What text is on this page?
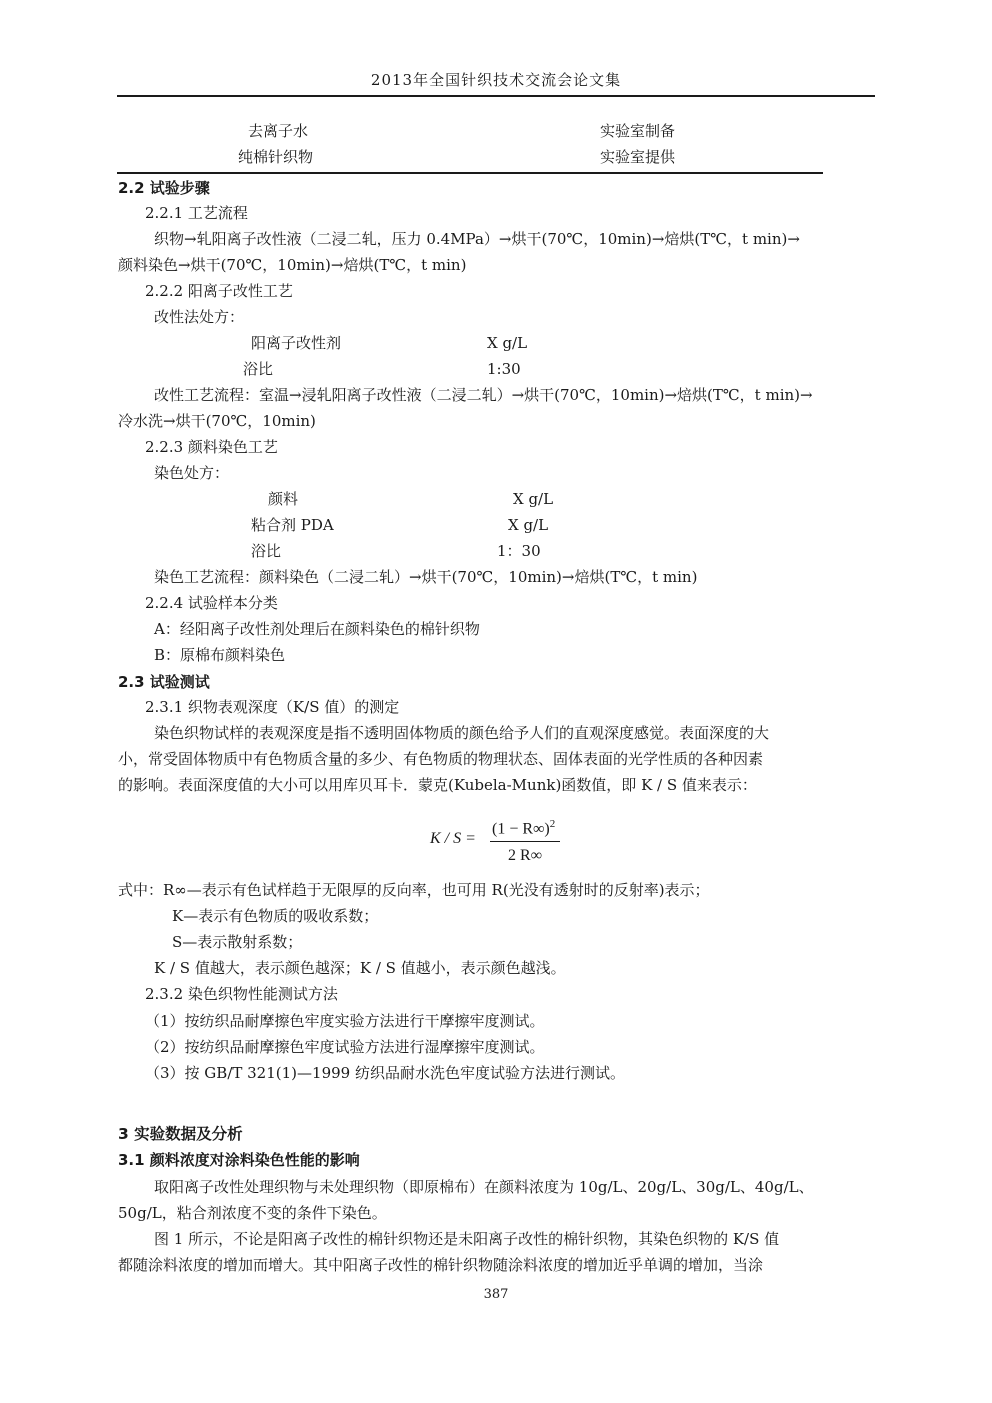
2013年全国针织技术交流会论文集
去离子水	实验室制备
纯棉针织物	实验室提供
2.2 试验步骤
2.2.1 工艺流程
织物→轧阳离子改性液（二浸二轧，压力 0.4MPa）→烘干(70℃，10min)→焙烘(T℃，t min)→
颜料染色→烘干(70℃，10min)→焙烘(T℃，t min)
2.2.2 阳离子改性工艺
改性法处方：
阳离子改性剂	X g/L
浴比	1:30
改性工艺流程：室温→浸轧阳离子改性液（二浸二轧）→烘干(70℃，10min)→焙烘(T℃，t min)→
冷水洗→烘干(70℃，10min)
2.2.3 颜料染色工艺
染色处方：
颜料	X g/L
粘合剂 PDA	X g/L
浴比	1：30
染色工艺流程：颜料染色（二浸二轧）→烘干(70℃，10min)→焙烘(T℃，t min)
2.2.4 试验样本分类
A：经阳离子改性剂处理后在颜料染色的棉针织物
B：原棉布颜料染色
2.3 试验测试
2.3.1 织物表观深度（K/S 值）的测定
染色织物试样的表观深度是指不透明固体物质的颜色给予人们的直观深度感觉。表面深度的大
小，常受固体物质中有色物质含量的多少、有色物质的物理状态、固体表面的光学性质的各种因素
的影响。表面深度值的大小可以用库贝耳卡．蒙克(Kubela-Munk)函数值，即 K / S 值来表示：
K / S =
$(1 - R\infty)^2$
2 R∞
式中：R∞—表示有色试样趋于无限厚的反向率，也可用 R(光没有透射时的反射率)表示；
K—表示有色物质的吸收系数；
S—表示散射系数；
K / S 值越大，表示颜色越深；K / S 值越小，表示颜色越浅。
2.3.2 染色织物性能测试方法
（1）按纺织品耐摩擦色牢度实验方法进行干摩擦牢度测试。
（2）按纺织品耐摩擦色牢度试验方法进行湿摩擦牢度测试。
（3）按 GB/T 321(1)—1999 纺织品耐水洗色牢度试验方法进行测试。
3 实验数据及分析
3.1 颜料浓度对涂料染色性能的影响
取阳离子改性处理织物与未处理织物（即原棉布）在颜料浓度为 10g/L、20g/L、30g/L、40g/L、
50g/L，粘合剂浓度不变的条件下染色。
图 1 所示，不论是阳离子改性的棉针织物还是未阳离子改性的棉针织物，其染色织物的 K/S 值
都随涂料浓度的增加而增大。其中阳离子改性的棉针织物随涂料浓度的增加近乎单调的增加，当涂
387
